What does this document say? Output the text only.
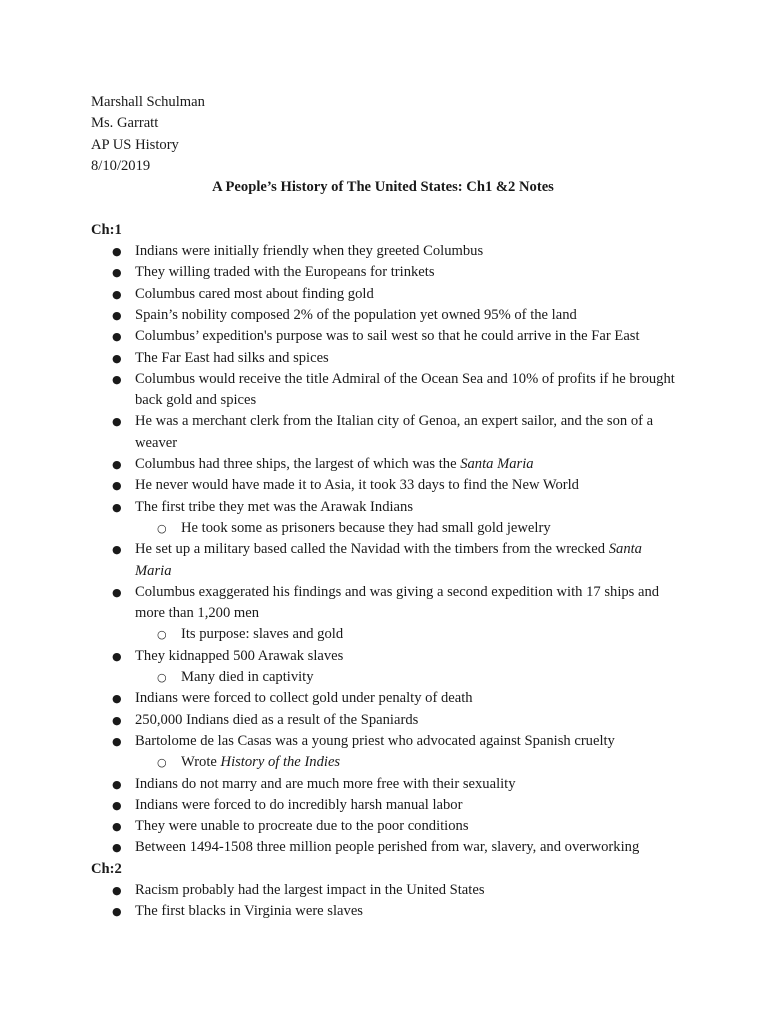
Marshall Schulman
Ms. Garratt
AP US History
8/10/2019
A People’s History of The United States: Ch1 &2 Notes
Ch:1
● Indians were initially friendly when they greeted Columbus
● They willing traded with the Europeans for trinkets
● Columbus cared most about finding gold
● Spain’s nobility composed 2% of the population yet owned 95% of the land
● Columbus’ expedition's purpose was to sail west so that he could arrive in the Far East
● The Far East had silks and spices
● Columbus would receive the title Admiral of the Ocean Sea and 10% of profits if he brought back gold and spices
● He was a merchant clerk from the Italian city of Genoa, an expert sailor, and the son of a weaver
● Columbus had three ships, the largest of which was the Santa Maria
● He never would have made it to Asia, it took 33 days to find the New World
● The first tribe they met was the Arawak Indians
○ He took some as prisoners because they had small gold jewelry
● He set up a military based called the Navidad with the timbers from the wrecked Santa Maria
● Columbus exaggerated his findings and was giving a second expedition with 17 ships and more than 1,200 men
○ Its purpose: slaves and gold
● They kidnapped 500 Arawak slaves
○ Many died in captivity
● Indians were forced to collect gold under penalty of death
● 250,000 Indians died as a result of the Spaniards
● Bartolome de las Casas was a young priest who advocated against Spanish cruelty
○ Wrote History of the Indies
● Indians do not marry and are much more free with their sexuality
● Indians were forced to do incredibly harsh manual labor
● They were unable to procreate due to the poor conditions
● Between 1494-1508 three million people perished from war, slavery, and overworking
Ch:2
● Racism probably had the largest impact in the United States
● The first blacks in Virginia were slaves
